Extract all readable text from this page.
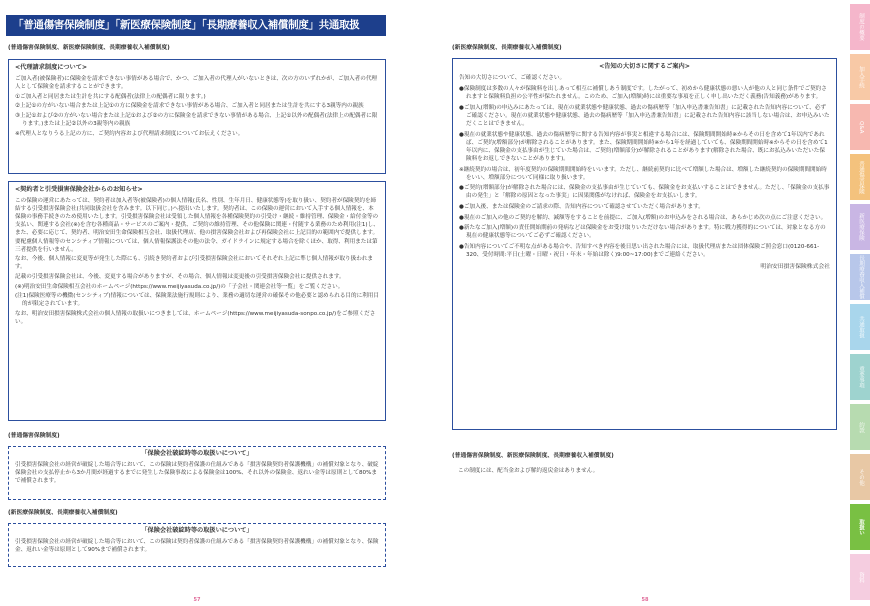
「普通傷害保険制度」「新医療保険制度」「長期療養収入補償制度」共通取扱
(普通傷害保険制度、新医療保険制度、長期療養収入補償制度)
<代理請求制度について>
ご加入者(被保険者)に保険金を請求できない事情がある場合で、かつ、ご加入者の代理人がいないときは、次の方のいずれかが、ご加入者の代理人として保険金を請求することができます。
①ご加入者と同居または生計を共にする配偶者(法律上の配偶者に限ります。)
②上記①の方がいない場合または上記①の方に保険金を請求できない事情がある場合、ご加入者と同居または生計を共にする3親等内の親族
③上記①および②の方がいない場合または上記①および②の方に保険金を請求できない事情がある場合、上記①以外の配偶者(法律上の配偶者に限ります。)または上記②以外の3親等内の親族
※代理人となりうる上記の方に、ご契約内容および代理請求制度についてお伝えください。
<契約者と引受損害保険会社からのお知らせ>
この保険の運営にあたっては、契約者は加入者等(被保険者)の個人情報(氏名、性別、生年月日、健康状態等)を取り扱い、契約者が保険契約を締結する引受損害保険会社(共同取扱会社を含みます。以下同じ。)へ提出いたします。契約者は、この保険の運営において入手する個人情報を、本保険の事務手続きのため使用いたします。引受損害保険会社は受領した個人情報を各種保険契約の引受け・継続・維持管理、保険金・給付金等の支払い、関連する会社(※)を含む各種商品・サービスのご案内・提供、ご契約の維持管理、その他保険に関連・付随する業務のため利用(注1)し、また、必要に応じて、契約者、明治安田生命保険相互会社、取扱代理店、他の損害保険会社および再保険会社に上記目的の範囲内で提供します。要配慮個人情報等のセンシティブ情報については、個人情報保護法その他の法令、ガイドラインに規定する場合を除くほか、取得、利用または第三者提供を行いません。
なお、今後、個人情報に変更等が発生した際にも、引続き契約者および引受損害保険会社においてそれぞれ上記に準じ個人情報が取り扱われます。
記載の引受損害保険会社は、今後、変更する場合がありますが、その場合、個人情報は変更後の引受損害保険会社に提供されます。
(※)明治安田生命保険相互会社のホームページ(https://www.meijiyasuda.co.jp/)の「子会社・関連会社等一覧」をご覧ください。
(注1)保険医療等の機微(センシティブ)情報については、保険業法施行規則により、業務の適切な運営の確保その他必要と認められる目的に利用目的が限定されています。
なお、明治安田損害保険株式会社の個人情報の取扱いにつきましては、ホームページ(https://www.meijiyasuda-sonpo.co.jp/)をご参照ください。
(普通傷害保険制度)
「保険会社破綻時等の取扱いについて」
引受損害保険会社の経営が破綻した場合等において、この保険は契約者保護の仕組みである「損害保険契約者保護機構」の補償対象となり、破綻保険会社の支払停止から3か月間が経過するまでに発生した保険事故による保険金は100%、それ以外の保険金、返れい金等は原則として80%まで補償されます。
(新医療保険制度、長期療養収入補償制度)
「保険会社破綻時等の取扱いについて」
引受損害保険会社の経営が破綻した場合等において、この保険は契約者保護の仕組みである「損害保険契約者保護機構」の補償対象となり、保険金、返れい金等は原則として90%まで補償されます。
57
(新医療保険制度、長期療養収入補償制度)
<告知の大切さに関するご案内>
告知の大切さについて、ご確認ください。
●保険制度は多数の人々が保険料を出しあって相互に補償しあう制度です。したがって、初めから健康状態の悪い人が他の人と同じ条件でご契約されますと保険料負担の公平性が保たれません。このため、ご加入(増額)時には重要な事項を正しく申し出いただく義務(告知義務)があります。
●ご加入(増額)の申込みにあたっては、現在の就業状態や健康状態、過去の傷病歴等「加入申込書兼告知書」に記載された告知内容について、必ずご確認ください。現在の就業状態や健康状態、過去の傷病歴等「加入申込書兼告知書」に記載された告知内容に該当しない場合は、お申込みいただくことはできません。
●現在の就業状態や健康状態、過去の傷病歴等に関する告知内容が事実と相違する場合には、保険期間開始時※からその日を含めて1年以内であれば、ご契約(増額部分)が解除されることがあります。また、保険期間開始時※から1年を経過していても、保険期間開始時※からその日を含めて1年以内に、保険金の支払事由が生じていた場合は、ご契約(増額部分)が解除されることがあります(解除された場合、既にお払込みいただいた保険料をお返しできないことがあります)。
※継続契約の場合は、初年度契約の保険期間開始時をいいます。ただし、継続前契約に比べて増額した場合は、増額した継続契約の保険期間開始時をいい、増額部分について同様に取り扱います。
●ご契約(増額部分)が解除された場合には、保険金の支払事由が生じていても、保険金をお支払いすることはできません。ただし、「保険金の支払事由の発生」と「解除の原因となった事実」に因果関係がなければ、保険金をお支払いします。
●ご加入後、または保険金のご請求の際、告知内容について確認させていただく場合があります。
●現在のご加入の他のご契約を解約、減額等をすることを前提に、ご加入(増額)のお申込みをされる場合は、あらかじめ次の点にご注意ください。
●新たなご加入(増額)の責任開始期前の発病などは保険金をお受け取りいただけない場合があります。特に戦力獲得的については、対象となる方の現在の健康状態等についてご必ずご確認ください。
●告知内容についてご不明な点がある場合や、告知すべき内容を後日思い出された場合には、取扱代理店または団体保険ご照会窓口(0120-661-320、受付時間:平日(土曜・日曜・祝日・年末・年始は除く)9:00~17:00)までご連絡ください。
明治安田損害保険株式会社
(普通傷害保険制度、新医療保険制度、長期療養収入補償制度)
この制度には、配当金および解約返戻金はありません。
58
制度の概要
加入手続
Q&A
普通傷害保険
新医療保険
長期療養収入補償
共通取扱
重要事項
約款
その他
取扱い
資料
